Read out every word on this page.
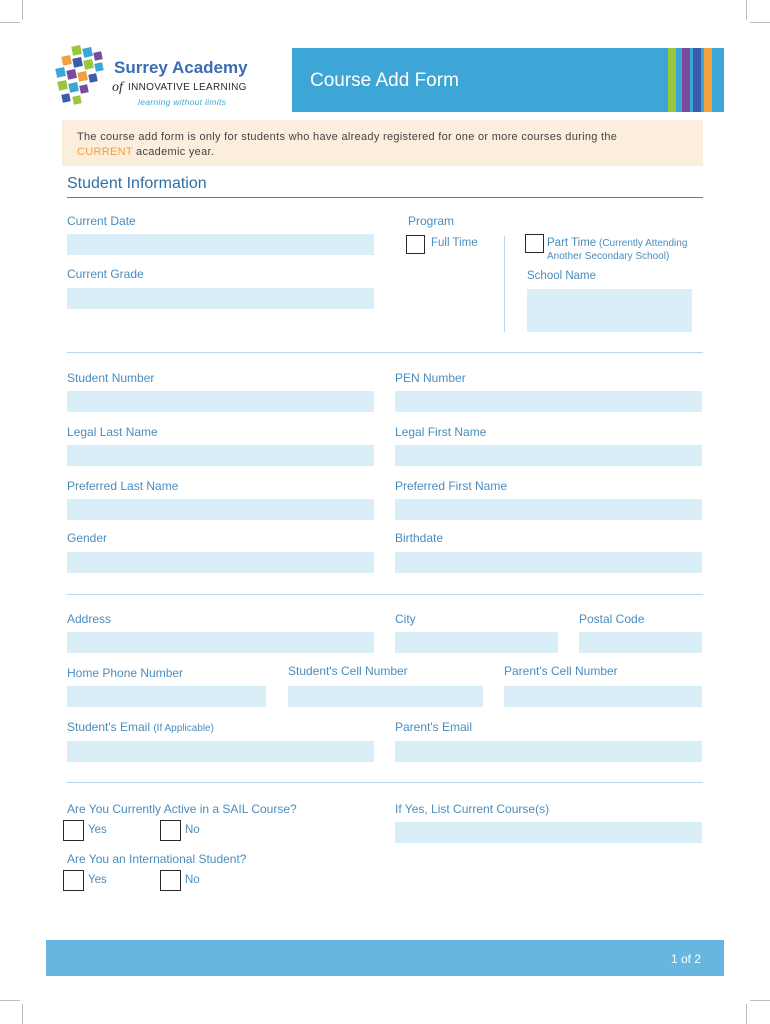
Surrey Academy
of INNOVATIVE LEARNING
learning without limits
Course Add Form
The course add form is only for students who have already registered for one or more courses during the CURRENT academic year.
Student Information
Current Date	Program
Full Time	Part Time (Currently Attending Another Secondary School)
Current Grade	School Name
Student Number	PEN Number
Legal Last Name	Legal First Name
Preferred Last Name	Preferred First Name
Gender	Birthdate
Address	City	Postal Code
Home Phone Number	Student's Cell Number	Parent's Cell Number
Student's Email (If Applicable)	Parent's Email
Are You Currently Active in a SAIL Course?
Yes	No
If Yes, List Current Course(s)
Are You an International Student?
Yes	No
1 of 2
